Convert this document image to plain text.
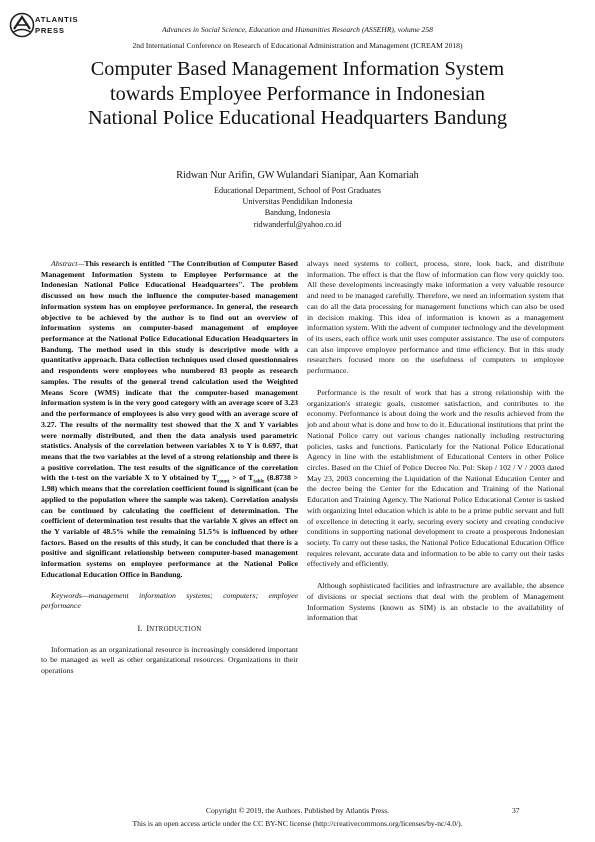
ATLANTIS
PRESS	Advances in Social Science, Education and Humanities Research (ASSEHR), volume 258
2nd International Conference on Research of Educational Administration and Management (ICREAM 2018)
Computer Based Management Information System
towards Employee Performance in Indonesian
National Police Educational Headquarters Bandung
Ridwan Nur Arifin, GW Wulandari Sianipar, Aan Komariah
Educational Department, School of Post Graduates
Universitas Pendidikan Indonesia
Bandung, Indonesia
ridwanderful@yahoo.co.id

Abstract—This research is entitled "The Contribution of Computer Based Management Information System to Employee Performance at the Indonesian National Police Educational Headquarters". The problem discussed on how much the influence the computer-based management information system has on employee performance. In general, the research objective to be achieved by the author is to find out an overview of information systems on computer-based management of employee performance at the National Police Educational Education Headquarters in Bandung. The method used in this study is descriptive mode with a quantitative approach. Data collection techniques used closed questionnaires and respondents were employees who numbered 83 people as research samples. The results of the general trend calculation used the Weighted Means Score (WMS) indicate that the computer-based management information system is in the very good category with an average score of 3.23 and the performance of employees is also very good with an average score of 3.27. The results of the normality test showed that the X and Y variables were normally distributed, and then the data analysis used parametric statistics. Analysis of the correlation between variables X to Y is 0.697, that means that the two variables at the level of a strong relationship and there is a positive correlation. The test results of the significance of the correlation with the t-test on the variable X to Y obtained by $T_{count}$ > of $T_{table}$ (8.8738 > 1.98) which means that the correlation coefficient found is significant (can be applied to the population where the sample was taken). Correlation analysis can be continued by calculating the coefficient of determination. The coefficient of determination test results that the variable X gives an effect on the Y variable of 48.5% while the remaining 51.5% is influenced by other factors. Based on the results of this study, it can be concluded that there is a positive and significant relationship between computer-based management information systems on employee performance at the National Police Educational Education Office in Bandung.

Keywords—management information systems; computers; employee performance

I. INTRODUCTION

Information as an organizational resource is increasingly considered important to be managed as well as other organizational resources. Organizations in their operations

always need systems to collect, process, store, look back, and distribute information. The effect is that the flow of information can flow very quickly too. All these developments increasingly make information a very valuable resource and need to be managed carefully. Therefore, we need an information system that can do all the data processing for management functions which can also be used in decision making. This idea of information is known as a management information system. With the advent of computer technology and the development of its users, each office work unit uses computer assistance. The use of computers can also improve employee performance and time efficiency. But in this study researchers focused more on the usefulness of computers to employee performance.

Performance is the result of work that has a strong relationship with the organization's strategic goals, customer satisfaction, and contributes to the economy. Performance is about doing the work and the results achieved from the job and about what is done and how to do it. Educational institutions that print the National Police carry out various changes nationally including restructuring policies, tasks and functions. Particularly for the National Police Educational Agency in line with the establishment of Educational Centers in other Police circles. Based on the Chief of Police Decree No. Pol: Skep / 102 / V / 2003 dated May 23, 2003 concerning the Liquidation of the National Education Center and the decree being the Center for the Education and Training of the National Education and Training Agency. The National Police Educational Center is tasked with organizing Intel education which is able to be a prime public servant and full of excellence in detecting it early, securing every society and creating conducive conditions in supporting national development to create a prosperous Indonesian society. To carry out these tasks, the National Police Educational Education Office requires relevant, accurate data and information to be able to carry out their tasks effectively and efficiently.

Although sophisticated facilities and infrastructure are available, the absence of divisions or special sections that deal with the problem of Management Information Systems (known as SIM) is an obstacle to the availability of information that

Copyright © 2019, the Authors. Published by Atlantis Press.	37
This is an open access article under the CC BY-NC license (http://creativecommons.org/licenses/by-nc/4.0/).
